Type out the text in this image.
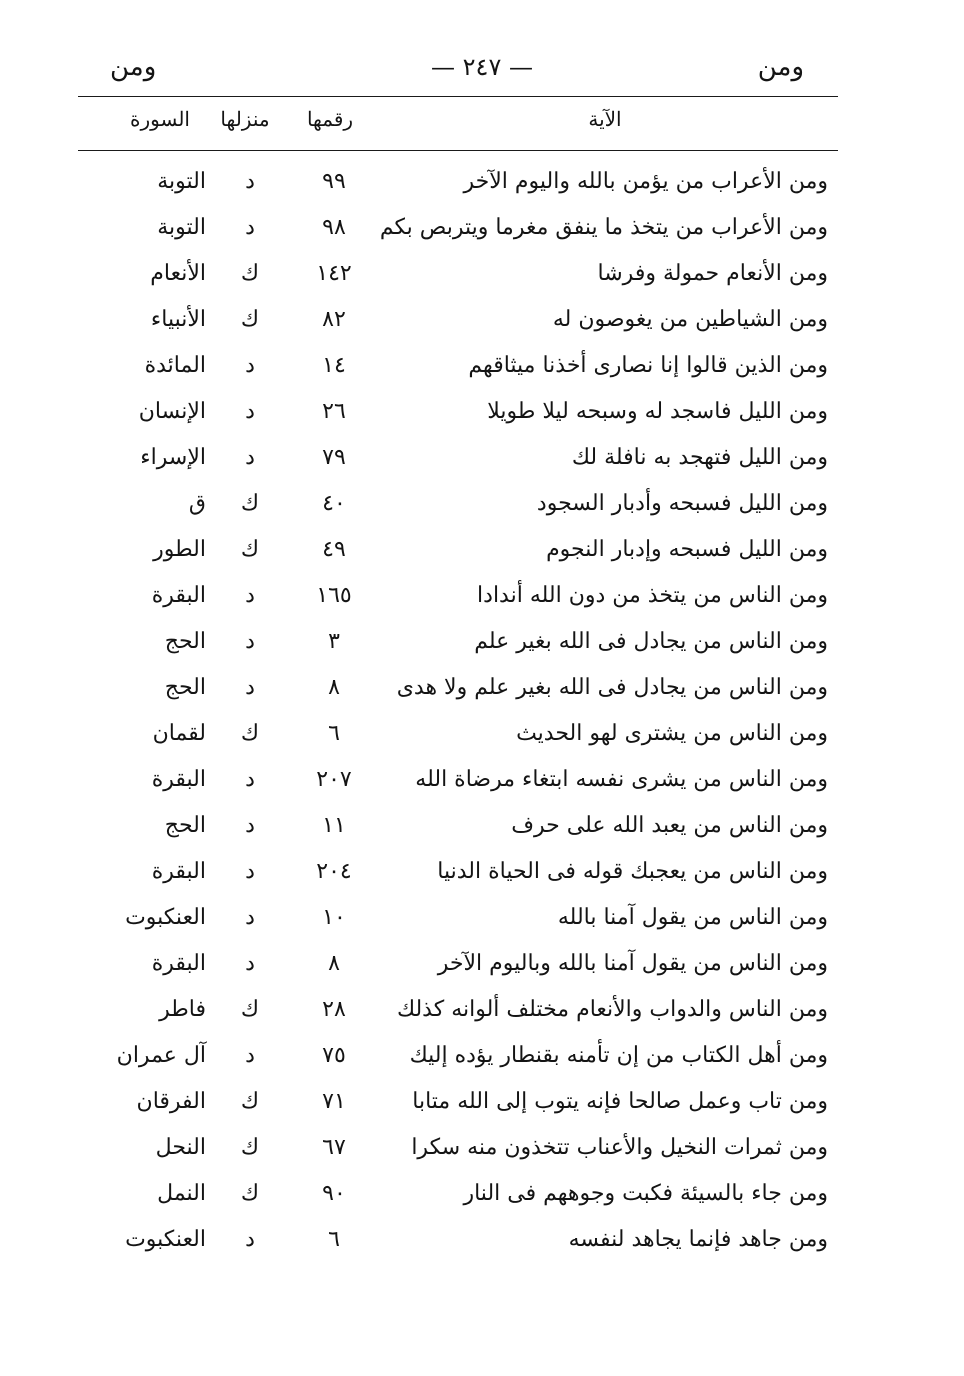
ومن
— ٢٤٧ —
ومن
الآية
رقمها
منزلها
السورة
ومن الأعراب من يؤمن بالله واليوم الآخر
٩٩
د
التوبة
ومن الأعراب من يتخذ ما ينفق مغرما ويتربص بكم
٩٨
د
التوبة
ومن الأنعام حمولة وفرشا
١٤٢
ك
الأنعام
ومن الشياطين من يغوصون له
٨٢
ك
الأنبياء
ومن الذين قالوا إنا نصارى أخذنا ميثاقهم
١٤
د
المائدة
ومن الليل فاسجد له وسبحه ليلا طويلا
٢٦
د
الإنسان
ومن الليل فتهجد به نافلة لك
٧٩
د
الإسراء
ومن الليل فسبحه وأدبار السجود
٤٠
ك
ق
ومن الليل فسبحه وإدبار النجوم
٤٩
ك
الطور
ومن الناس من يتخذ من دون الله أندادا
١٦٥
د
البقرة
ومن الناس من يجادل فى الله بغير علم
٣
د
الحج
ومن الناس من يجادل فى الله بغير علم ولا هدى
٨
د
الحج
ومن الناس من يشترى لهو الحديث
٦
ك
لقمان
ومن الناس من يشرى نفسه ابتغاء مرضاة الله
٢٠٧
د
البقرة
ومن الناس من يعبد الله على حرف
١١
د
الحج
ومن الناس من يعجبك قوله فى الحياة الدنيا
٢٠٤
د
البقرة
ومن الناس من يقول آمنا بالله
١٠
د
العنكبوت
ومن الناس من يقول آمنا بالله وباليوم الآخر
٨
د
البقرة
ومن الناس والدواب والأنعام مختلف ألوانه كذلك
٢٨
ك
فاطر
ومن أهل الكتاب من إن تأمنه بقنطار يؤده إليك
٧٥
د
آل عمران
ومن تاب وعمل صالحا فإنه يتوب إلى الله متابا
٧١
ك
الفرقان
ومن ثمرات النخيل والأعناب تتخذون منه سكرا
٦٧
ك
النحل
ومن جاء بالسيئة فكبت وجوههم فى النار
٩٠
ك
النمل
ومن جاهد فإنما يجاهد لنفسه
٦
د
العنكبوت
